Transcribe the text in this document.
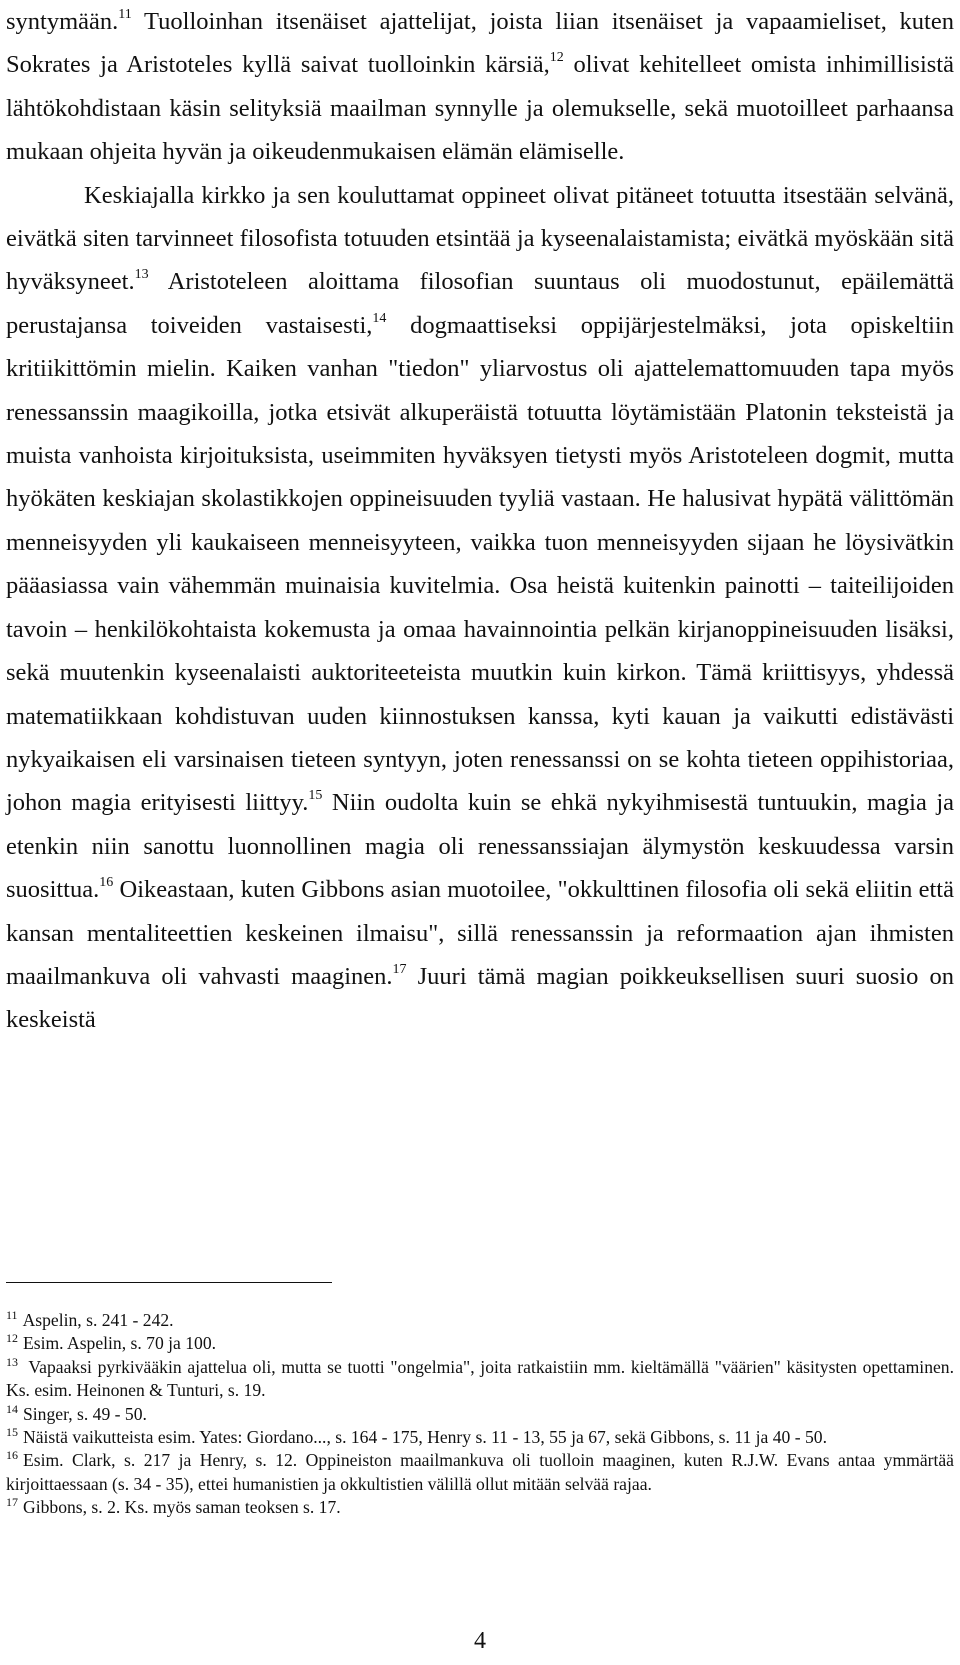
syntymään.$^{11}$ Tuolloinhan itsenäiset ajattelijat, joista liian itsenäiset ja vapaamieliset, kuten Sokrates ja Aristoteles kyllä saivat tuolloinkin kärsiä,$^{12}$ olivat kehitelleet omista inhimillisistä lähtökohdistaan käsin selityksiä maailman synnylle ja olemukselle, sekä muotoilleet parhaansa mukaan ohjeita hyvän ja oikeudenmukaisen elämän elämiselle.

Keskiajalla kirkko ja sen kouluttamat oppineet olivat pitäneet totuutta itsestään selvänä, eivätkä siten tarvinneet filosofista totuuden etsintää ja kyseenalaistamista; eivätkä myöskään sitä hyväksyneet.$^{13}$ Aristoteleen aloittama filosofian suuntaus oli muodostunut, epäilemättä perustajansa toiveiden vastaisesti,$^{14}$ dogmaattiseksi oppijärjestelmäksi, jota opiskeltiin kritiikittömin mielin. Kaiken vanhan "tiedon" yliarvostus oli ajattelemattomuuden tapa myös renessanssin maagikoilla, jotka etsivät alkuperäistä totuutta löytämistään Platonin teksteistä ja muista vanhoista kirjoituksista, useimmiten hyväksyen tietysti myös Aristoteleen dogmit, mutta hyökäten keskiajan skolastikkojen oppineisuuden tyyliä vastaan. He halusivat hypätä välittömän menneisyyden yli kaukaiseen menneisyyteen, vaikka tuon menneisyyden sijaan he löysivätkin pääasiassa vain vähemmän muinaisia kuvitelmia. Osa heistä kuitenkin painotti – taiteilijoiden tavoin – henkilökohtaista kokemusta ja omaa havainnointia pelkän kirjanoppineisuuden lisäksi, sekä muutenkin kyseenalaisti auktoriteeteista muutkin kuin kirkon. Tämä kriittisyys, yhdessä matematiikkaan kohdistuvan uuden kiinnostuksen kanssa, kyti kauan ja vaikutti edistävästi nykyaikaisen eli varsinaisen tieteen syntyyn, joten renessanssi on se kohta tieteen oppihistoriaa, johon magia erityisesti liittyy.$^{15}$ Niin oudolta kuin se ehkä nykyihmisestä tuntuukin, magia ja etenkin niin sanottu luonnollinen magia oli renessanssiajan älymystön keskuudessa varsin suosittua.$^{16}$ Oikeastaan, kuten Gibbons asian muotoilee, "okkulttinen filosofia oli sekä eliitin että kansan mentaliteettien keskeinen ilmaisu", sillä renessanssin ja reformaation ajan ihmisten maailmankuva oli vahvasti maaginen.$^{17}$ Juuri tämä magian poikkeuksellisen suuri suosio on keskeistä

$^{11}$ Aspelin, s. 241 - 242.

$^{12}$ Esim. Aspelin, s. 70 ja 100.

$^{13}$ Vapaaksi pyrkivääkin ajattelua oli, mutta se tuotti "ongelmia", joita ratkaistiin mm. kieltämällä "väärien" käsitysten opettaminen. Ks. esim. Heinonen & Tunturi, s. 19.

$^{14}$ Singer, s. 49 - 50.

$^{15}$ Näistä vaikutteista esim. Yates: Giordano..., s. 164 - 175, Henry s. 11 - 13, 55 ja 67, sekä Gibbons, s. 11 ja 40 - 50.

$^{16}$ Esim. Clark, s. 217 ja Henry, s. 12. Oppineiston maailmankuva oli tuolloin maaginen, kuten R.J.W. Evans antaa ymmärtää kirjoittaessaan (s. 34 - 35), ettei humanistien ja okkultistien välillä ollut mitään selvää rajaa.

$^{17}$ Gibbons, s. 2. Ks. myös saman teoksen s. 17.

4
